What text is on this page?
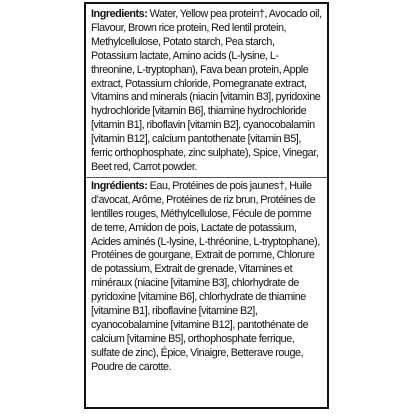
Ingredients: Water, Yellow pea protein†, Avocado oil, Flavour, Brown rice protein, Red lentil protein, Methylcellulose, Potato starch, Pea starch, Potassium lactate, Amino acids (L-lysine, L-threonine, L-tryptophan), Fava bean protein, Apple extract, Potassium chloride, Pomegranate extract, Vitamins and minerals (niacin [vitamin B3], pyridoxine hydrochloride [vitamin B6], thiamine hydrochloride [vitamin B1], riboflavin [vitamin B2], cyanocobalamin [vitamin B12], calcium pantothenate [vitamin B5], ferric orthophosphate, zinc sulphate), Spice, Vinegar, Beet red, Carrot powder.

Ingrédients: Eau, Protéines de pois jaunes†, Huile d’avocat, Arôme, Protéines de riz brun, Protéines de lentilles rouges, Méthylcellulose, Fécule de pomme de terre, Amidon de pois, Lactate de potassium, Acides aminés (L-lysine, L-thréonine, L-tryptophane), Protéines de gourgane, Extrait de pomme, Chlorure de potassium, Extrait de grenade, Vitamines et minéraux (niacine [vitamine B3], chlorhydrate de pyridoxine [vitamine B6], chlorhydrate de thiamine [vitamine B1], riboflavine [vitamine B2], cyanocobalamine [vitamine B12], pantothénate de calcium [vitamine B5], orthophosphate ferrique, sulfate de zinc), Épice, Vinaigre, Betterave rouge, Poudre de carotte.
